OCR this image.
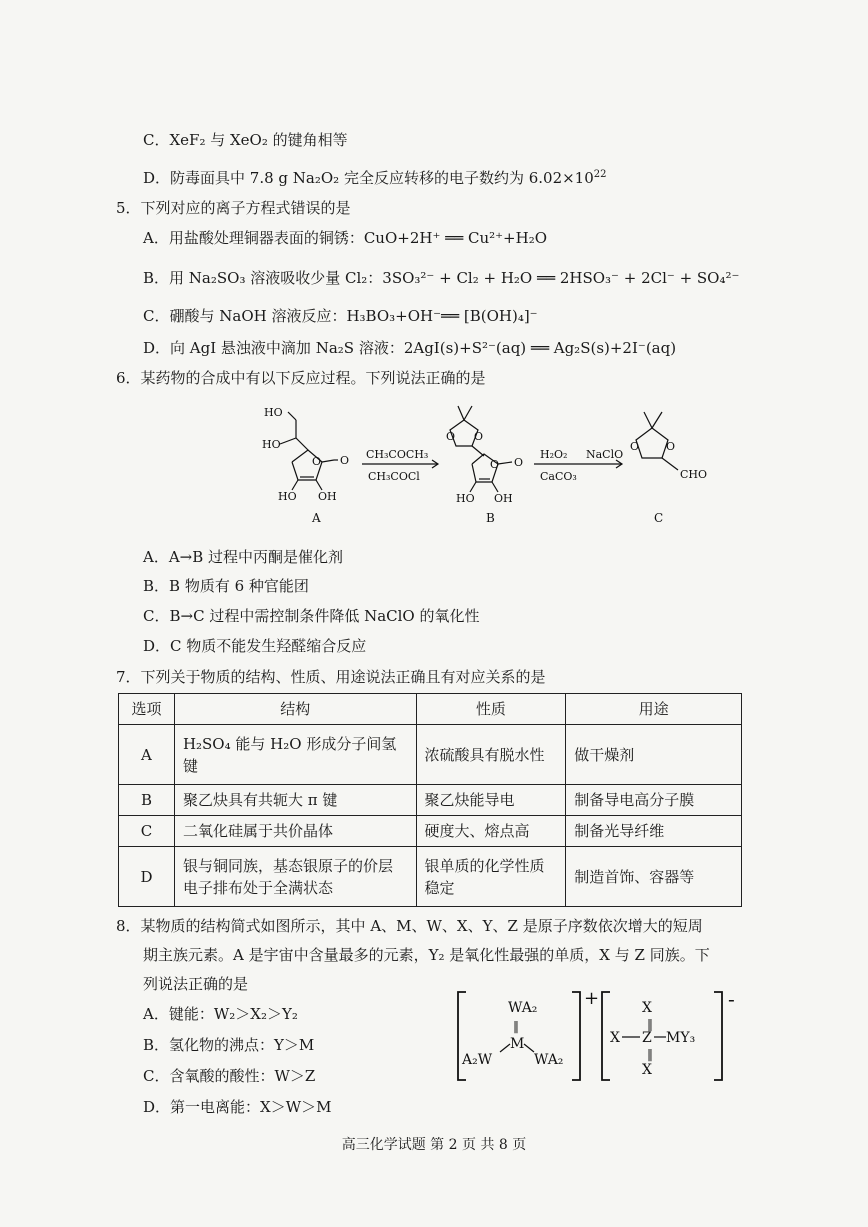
C．XeF₂ 与 XeO₂ 的键角相等
D．防毒面具中 7.8 g Na₂O₂ 完全反应转移的电子数约为 $6.02\times 10^{22}$
5．下列对应的离子方程式错误的是
A．用盐酸处理铜器表面的铜锈：CuO+2H⁺ ══ Cu²⁺+H₂O
B．用 Na₂SO₃ 溶液吸收少量 Cl₂：3SO₃²⁻ + Cl₂ + H₂O ══ 2HSO₃⁻ + 2Cl⁻ + SO₄²⁻
C．硼酸与 NaOH 溶液反应：H₃BO₃+OH⁻══ [B(OH)₄]⁻
D．向 AgI 悬浊液中滴加 Na₂S 溶液：2AgI(s)+S²⁻(aq) ══ Ag₂S(s)+2I⁻(aq)
6．某药物的合成中有以下反应过程。下列说法正确的是
HO
HO
O O
HO OH
A
CH₃COCH₃
CH₃COCl
O O
O O
HO OH
B
H₂O₂
CaCO₃
NaClO
O O
CHO
C
A．A→B 过程中丙酮是催化剂
B．B 物质有 6 种官能团
C．B→C 过程中需控制条件降低 NaClO 的氧化性
D．C 物质不能发生羟醛缩合反应
7．下列关于物质的结构、性质、用途说法正确且有对应关系的是
选项	结构	性质	用途
A	H₂SO₄ 能与 H₂O 形成分子间氢键	浓硫酸具有脱水性	做干燥剂
B	聚乙炔具有共轭大 π 键	聚乙炔能导电	制备导电高分子膜
C	二氧化硅属于共价晶体	硬度大、熔点高	制备光导纤维
D	银与铜同族，基态银原子的价层电子排布处于全满状态	银单质的化学性质稳定	制造首饰、容器等
8．某物质的结构简式如图所示，其中 A、M、W、X、Y、Z 是原子序数依次增大的短周
期主族元素。A 是宇宙中含量最多的元素，Y₂ 是氧化性最强的单质，X 与 Z 同族。下
列说法正确的是
A．键能：W₂＞X₂＞Y₂
B．氢化物的沸点：Y＞M
C．含氧酸的酸性：W＞Z
D．第一电离能：X＞W＞M
WA₂
‖
M
A₂W	WA₂
+	X
‖
X Z MY₃
‖
X
-
高三化学试题 第 2 页 共 8 页
